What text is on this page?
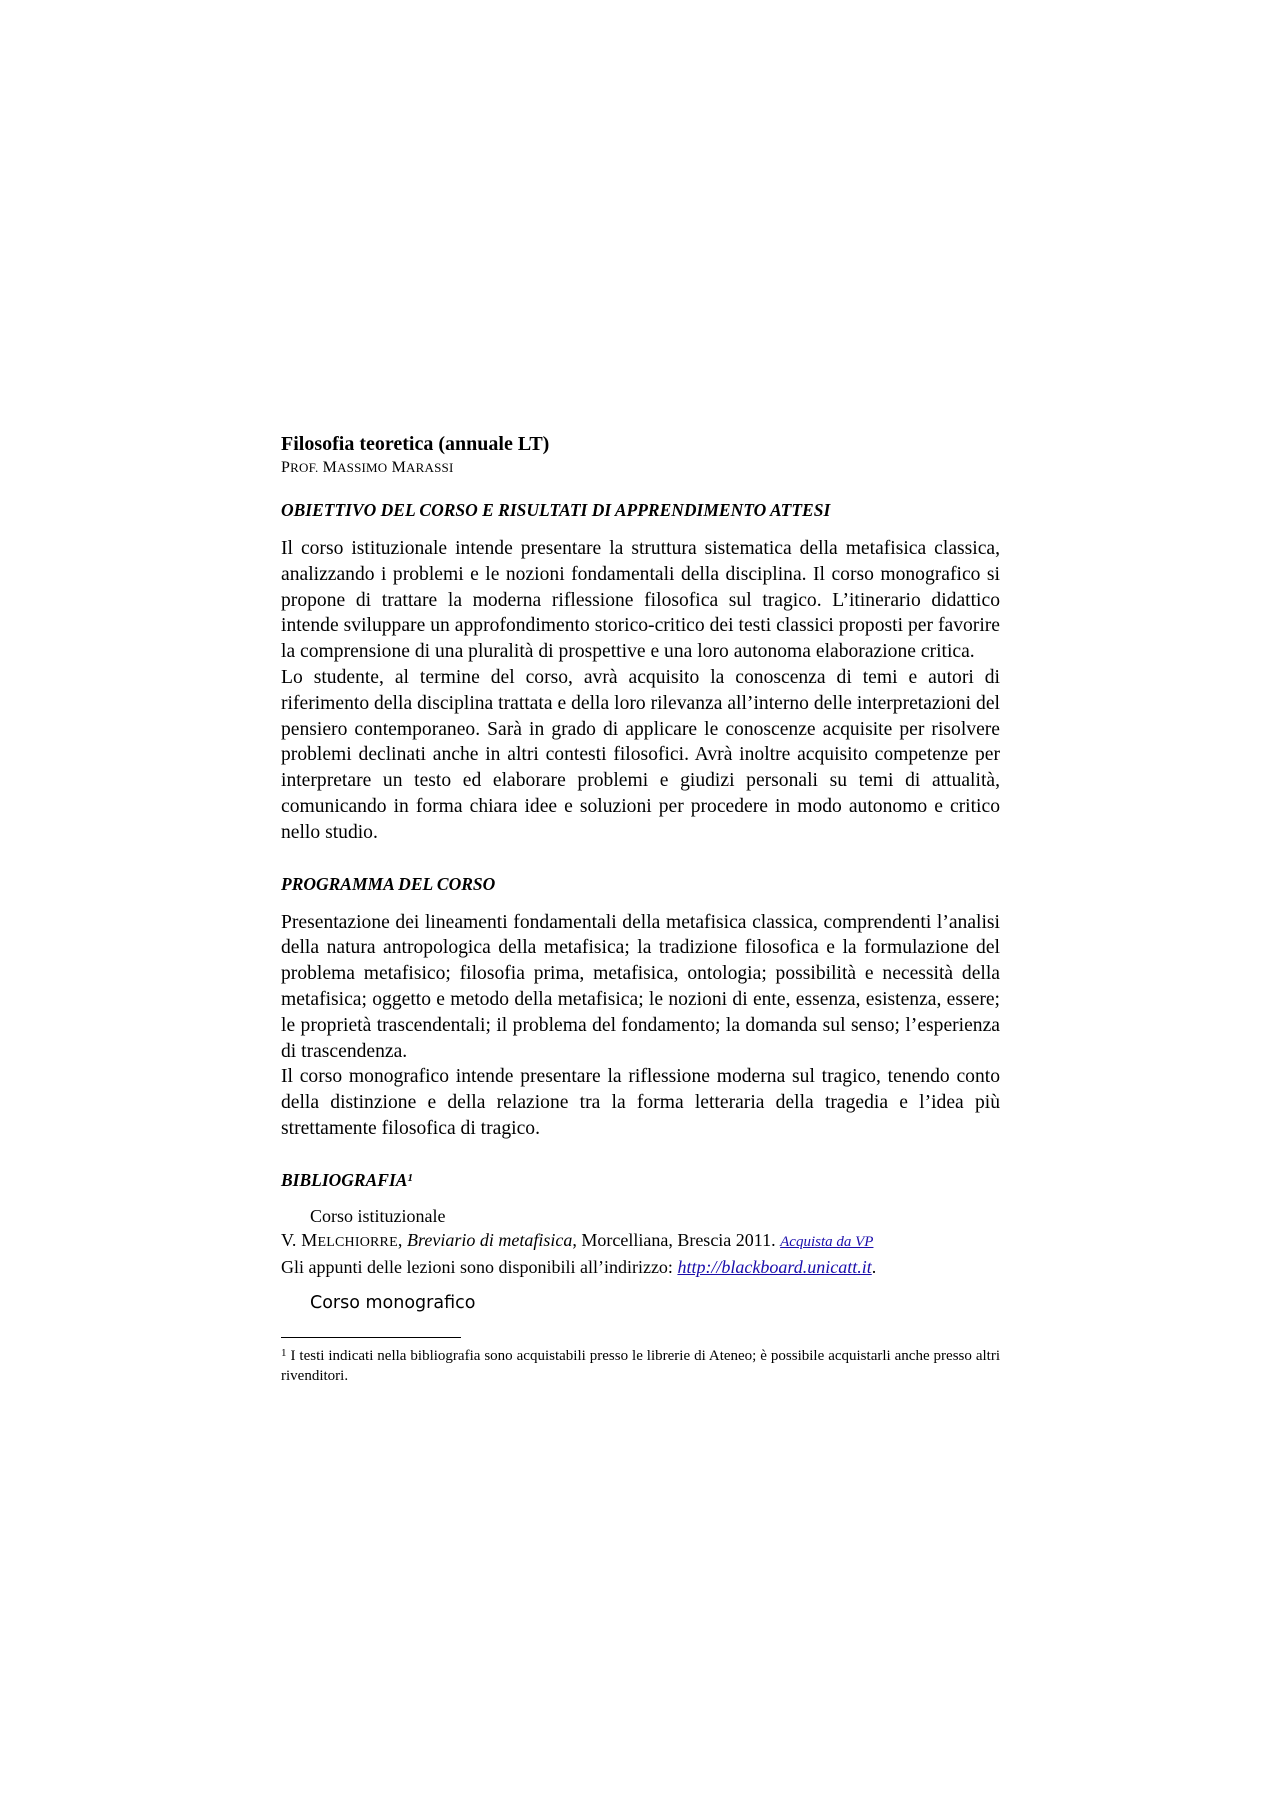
Filosofia teoretica (annuale LT)

PROF. MASSIMO MARASSI

OBIETTIVO DEL CORSO E RISULTATI DI APPRENDIMENTO ATTESI

Il corso istituzionale intende presentare la struttura sistematica della metafisica classica, analizzando i problemi e le nozioni fondamentali della disciplina. Il corso monografico si propone di trattare la moderna riflessione filosofica sul tragico. L’itinerario didattico intende sviluppare un approfondimento storico-critico dei testi classici proposti per favorire la comprensione di una pluralità di prospettive e una loro autonoma elaborazione critica.

Lo studente, al termine del corso, avrà acquisito la conoscenza di temi e autori di riferimento della disciplina trattata e della loro rilevanza all’interno delle interpretazioni del pensiero contemporaneo. Sarà in grado di applicare le conoscenze acquisite per risolvere problemi declinati anche in altri contesti filosofici. Avrà inoltre acquisito competenze per interpretare un testo ed elaborare problemi e giudizi personali su temi di attualità, comunicando in forma chiara idee e soluzioni per procedere in modo autonomo e critico nello studio.

PROGRAMMA DEL CORSO

Presentazione dei lineamenti fondamentali della metafisica classica, comprendenti l’analisi della natura antropologica della metafisica; la tradizione filosofica e la formulazione del problema metafisico; filosofia prima, metafisica, ontologia; possibilità e necessità della metafisica; oggetto e metodo della metafisica; le nozioni di ente, essenza, esistenza, essere; le proprietà trascendentali; il problema del fondamento; la domanda sul senso; l’esperienza di trascendenza.

Il corso monografico intende presentare la riflessione moderna sul tragico, tenendo conto della distinzione e della relazione tra la forma letteraria della tragedia e l’idea più strettamente filosofica di tragico.

BIBLIOGRAFIA$^1$

Corso istituzionale

V. MELCHIORRE, Breviario di metafisica, Morcelliana, Brescia 2011. Acquista da VP

Gli appunti delle lezioni sono disponibili all’indirizzo: http://blackboard.unicatt.it.

Corso monografico

$^1$ I testi indicati nella bibliografia sono acquistabili presso le librerie di Ateneo; è possibile acquistarli anche presso altri rivenditori.
